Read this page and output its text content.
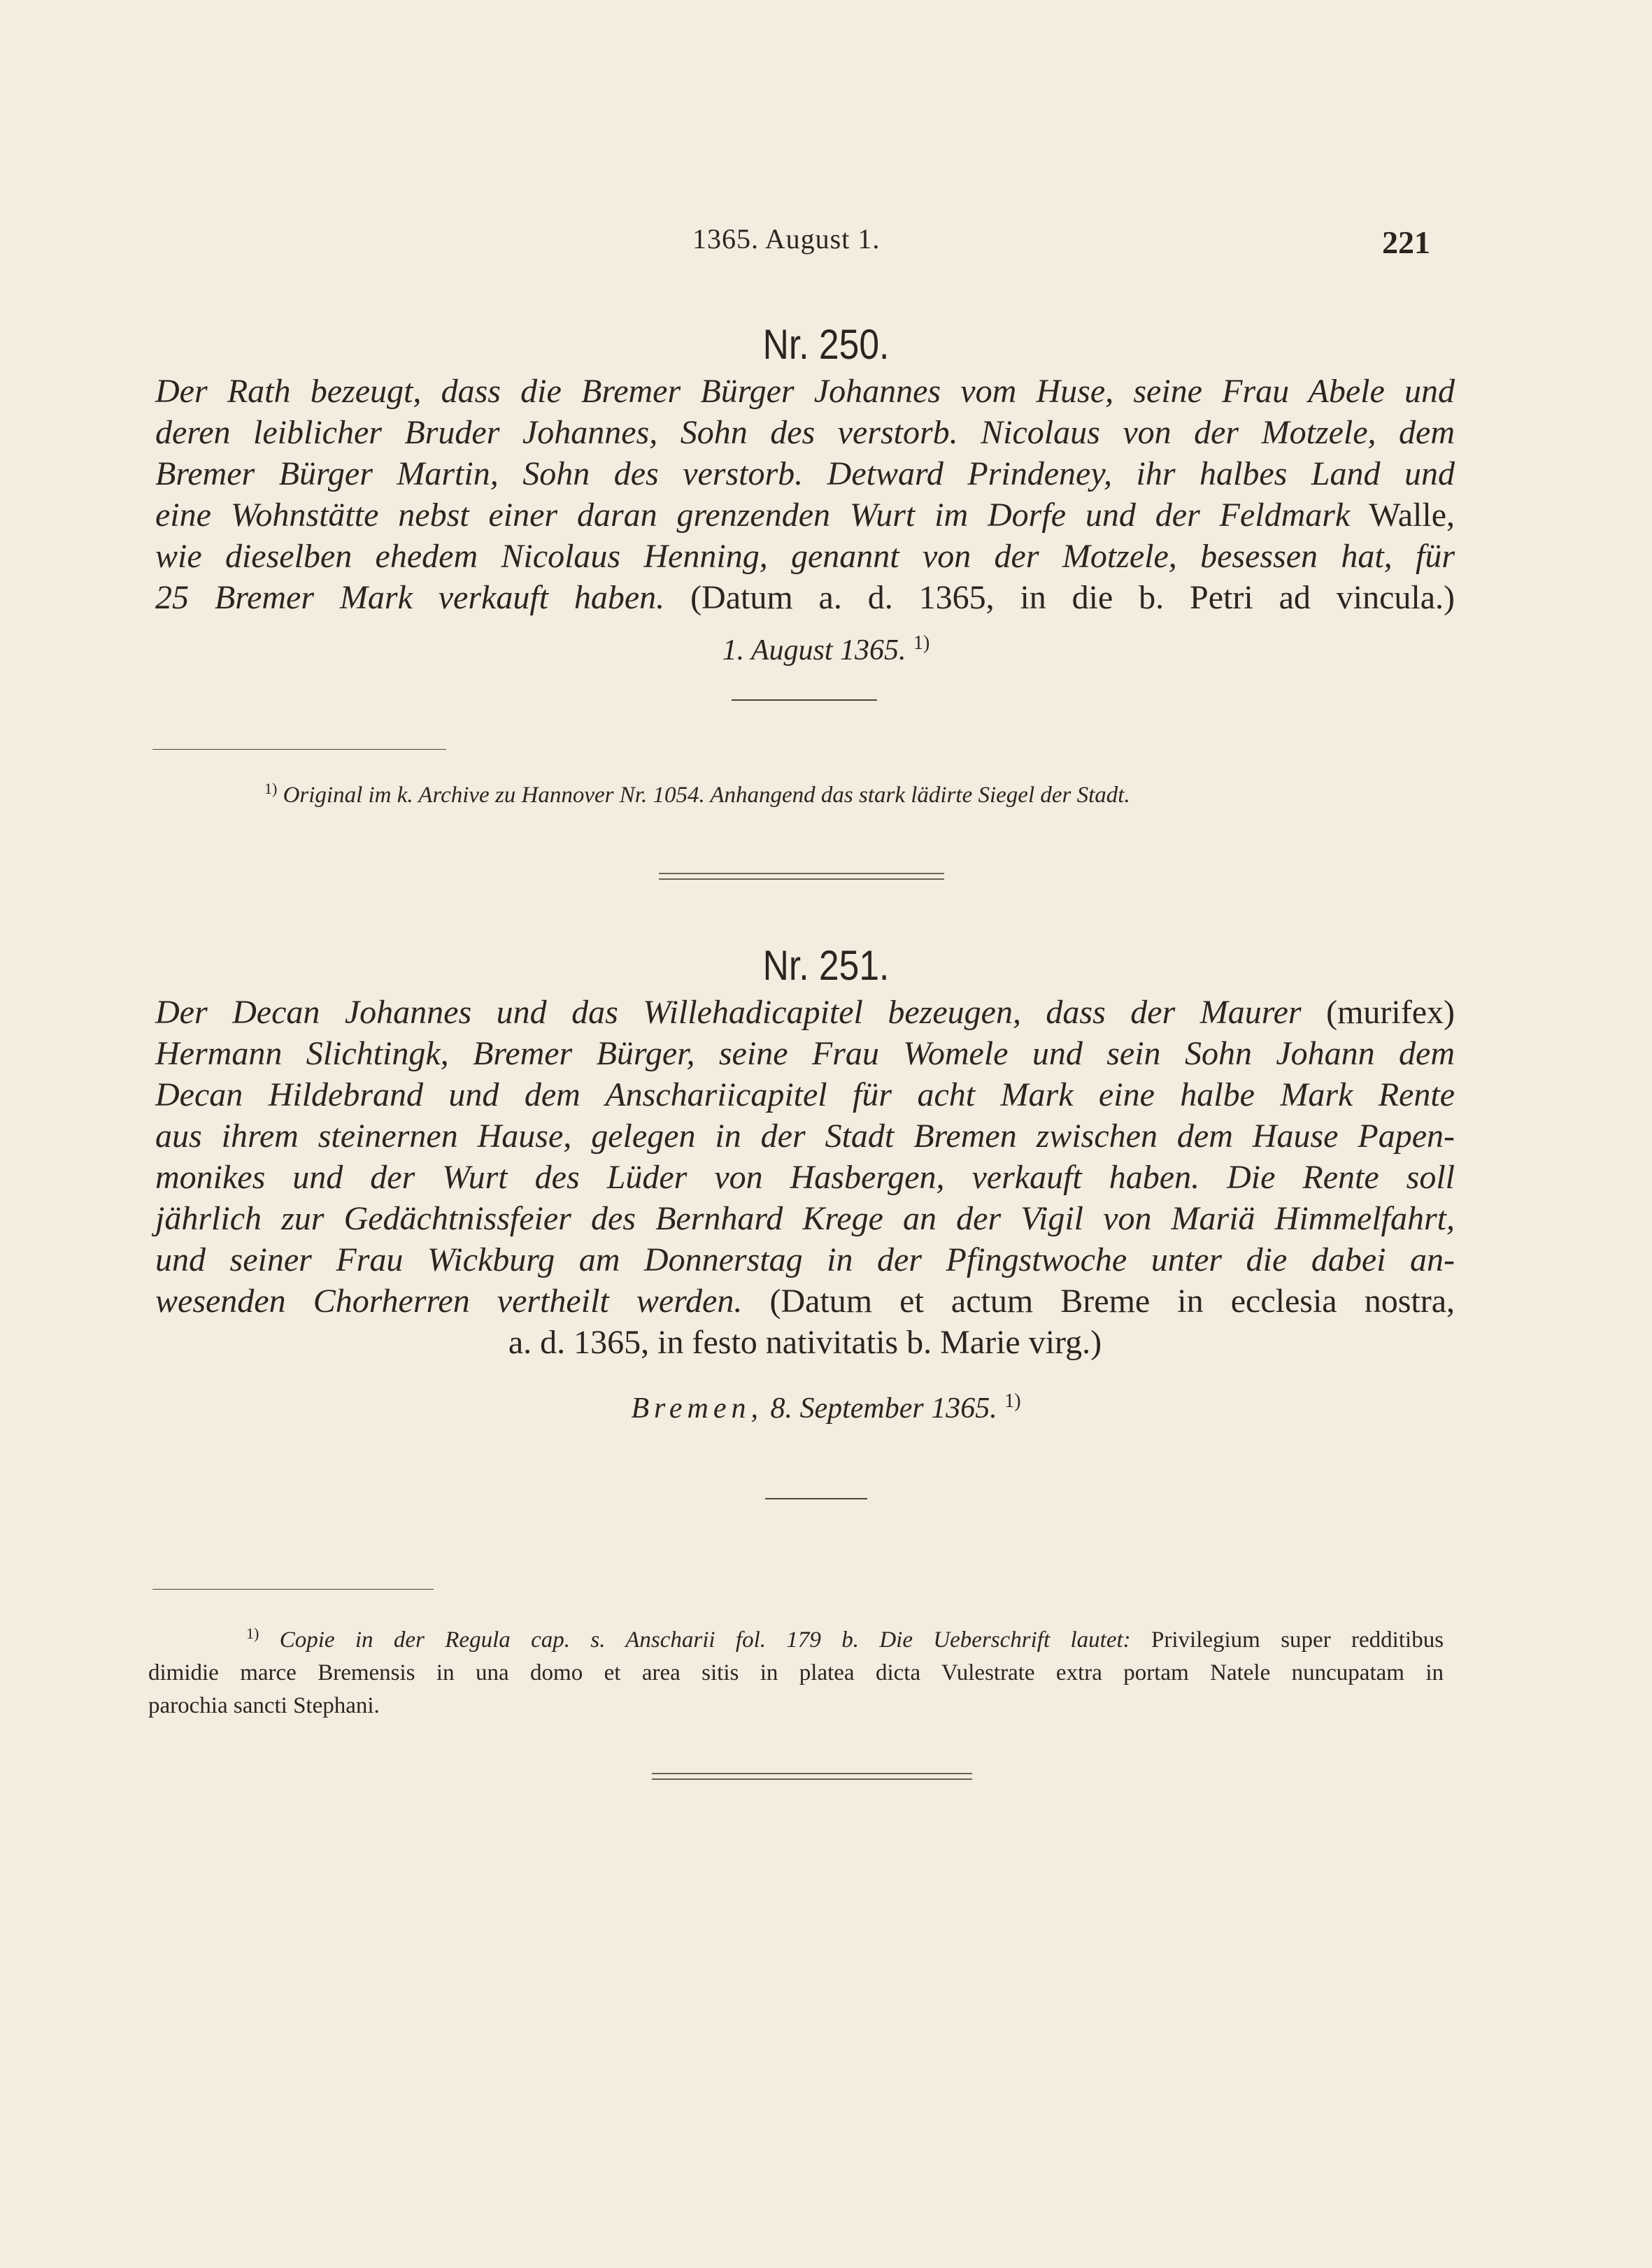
1365. August 1.	221
Nr. 250.
Der Rath bezeugt, dass die Bremer Bürger Johannes vom Huse, seine Frau Abele und
deren leiblicher Bruder Johannes, Sohn des verstorb. Nicolaus von der Motzele, dem
Bremer Bürger Martin, Sohn des verstorb. Detward Prindeney, ihr halbes Land und
eine Wohnstätte nebst einer daran grenzenden Wurt im Dorfe und der Feldmark Walle,
wie dieselben ehedem Nicolaus Henning, genannt von der Motzele, besessen hat, für
25 Bremer Mark verkauft haben. (Datum a. d. 1365, in die b. Petri ad vincula.)
1. August 1365. $^{1)}$
$^{1)}$ Original im k. Archive zu Hannover Nr. 1054. Anhangend das stark lädirte Siegel der Stadt.
Nr. 251.
Der Decan Johannes und das Willehadicapitel bezeugen, dass der Maurer (murifex)
Hermann Slichtingk, Bremer Bürger, seine Frau Womele und sein Sohn Johann dem
Decan Hildebrand und dem Anschariicapitel für acht Mark eine halbe Mark Rente
aus ihrem steinernen Hause, gelegen in der Stadt Bremen zwischen dem Hause Papen-
monikes und der Wurt des Lüder von Hasbergen, verkauft haben. Die Rente soll
jährlich zur Gedächtnissfeier des Bernhard Krege an der Vigil von Mariä Himmelfahrt,
und seiner Frau Wickburg am Donnerstag in der Pfingstwoche unter die dabei an-
wesenden Chorherren vertheilt werden. (Datum et actum Breme in ecclesia nostra,
a. d. 1365, in festo nativitatis b. Marie virg.)
Bremen, 8. September 1365. $^{1)}$
$^{1)}$ Copie in der Regula cap. s. Anscharii fol. 179 b. Die Ueberschrift lautet: Privilegium super redditibus
dimidie marce Bremensis in una domo et area sitis in platea dicta Vulestrate extra portam Natele nuncupatam in
parochia sancti Stephani.
